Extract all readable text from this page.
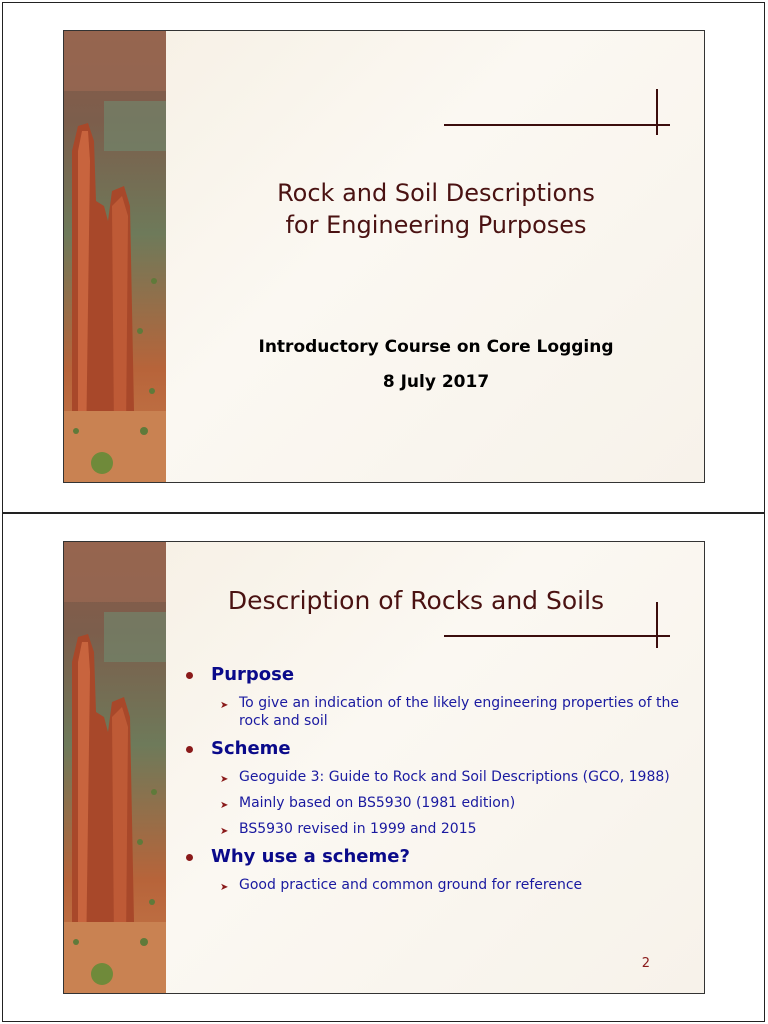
Rock and Soil Descriptions
for Engineering Purposes
Introductory Course on Core Logging
8 July 2017
Description of Rocks and Soils
Purpose
➤ To give an indication of the likely engineering properties of the rock and soil
Scheme
➤ Geoguide 3: Guide to Rock and Soil Descriptions (GCO, 1988)
➤ Mainly based on BS5930 (1981 edition)
➤ BS5930 revised in 1999 and 2015
Why use a scheme?
➤ Good practice and common ground for reference
2
